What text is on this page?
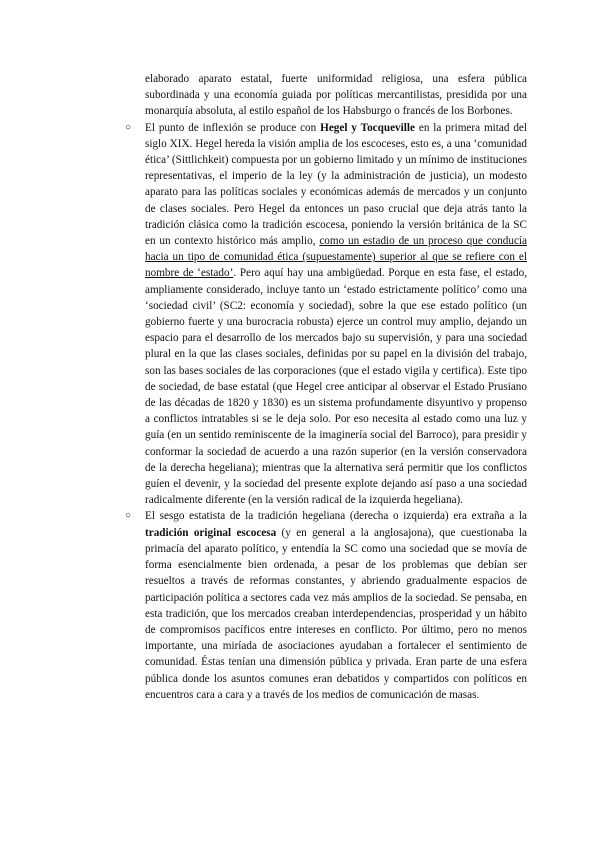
elaborado aparato estatal, fuerte uniformidad religiosa, una esfera pública subordinada y una economía guiada por políticas mercantilistas, presidida por una monarquía absoluta, al estilo español de los Habsburgo o francés de los Borbones.

○ El punto de inflexión se produce con Hegel y Tocqueville en la primera mitad del siglo XIX. Hegel hereda la visión amplia de los escoceses, esto es, a una ‘comunidad ética’ (Sittlichkeit) compuesta por un gobierno limitado y un mínimo de instituciones representativas, el imperio de la ley (y la administración de justicia), un modesto aparato para las políticas sociales y económicas además de mercados y un conjunto de clases sociales. Pero Hegel da entonces un paso crucial que deja atrás tanto la tradición clásica como la tradición escocesa, poniendo la versión británica de la SC en un contexto histórico más amplio, como un estadio de un proceso que conducía hacia un tipo de comunidad ética (supuestamente) superior al que se refiere con el nombre de ‘estado’. Pero aquí hay una ambigüedad. Porque en esta fase, el estado, ampliamente considerado, incluye tanto un ‘estado estrictamente político’ como una ‘sociedad civil’ (SC2: economía y sociedad), sobre la que ese estado político (un gobierno fuerte y una burocracia robusta) ejerce un control muy amplio, dejando un espacio para el desarrollo de los mercados bajo su supervisión, y para una sociedad plural en la que las clases sociales, definidas por su papel en la división del trabajo, son las bases sociales de las corporaciones (que el estado vigila y certifica). Este tipo de sociedad, de base estatal (que Hegel cree anticipar al observar el Estado Prusiano de las décadas de 1820 y 1830) es un sistema profundamente disyuntivo y propenso a conflictos intratables si se le deja solo. Por eso necesita al estado como una luz y guía (en un sentido reminiscente de la imaginería social del Barroco), para presidir y conformar la sociedad de acuerdo a una razón superior (en la versión conservadora de la derecha hegeliana); mientras que la alternativa será permitir que los conflictos guíen el devenir, y la sociedad del presente explote dejando así paso a una sociedad radicalmente diferente (en la versión radical de la izquierda hegeliana).

○ El sesgo estatista de la tradición hegeliana (derecha o izquierda) era extraña a la tradición original escocesa (y en general a la anglosajona), que cuestionaba la primacía del aparato político, y entendía la SC como una sociedad que se movía de forma esencialmente bien ordenada, a pesar de los problemas que debían ser resueltos a través de reformas constantes, y abriendo gradualmente espacios de participación política a sectores cada vez más amplios de la sociedad. Se pensaba, en esta tradición, que los mercados creaban interdependencias, prosperidad y un hábito de compromisos pacíficos entre intereses en conflicto. Por último, pero no menos importante, una miríada de asociaciones ayudaban a fortalecer el sentimiento de comunidad. Éstas tenían una dimensión pública y privada. Eran parte de una esfera pública donde los asuntos comunes eran debatidos y compartidos con políticos en encuentros cara a cara y a través de los medios de comunicación de masas.
